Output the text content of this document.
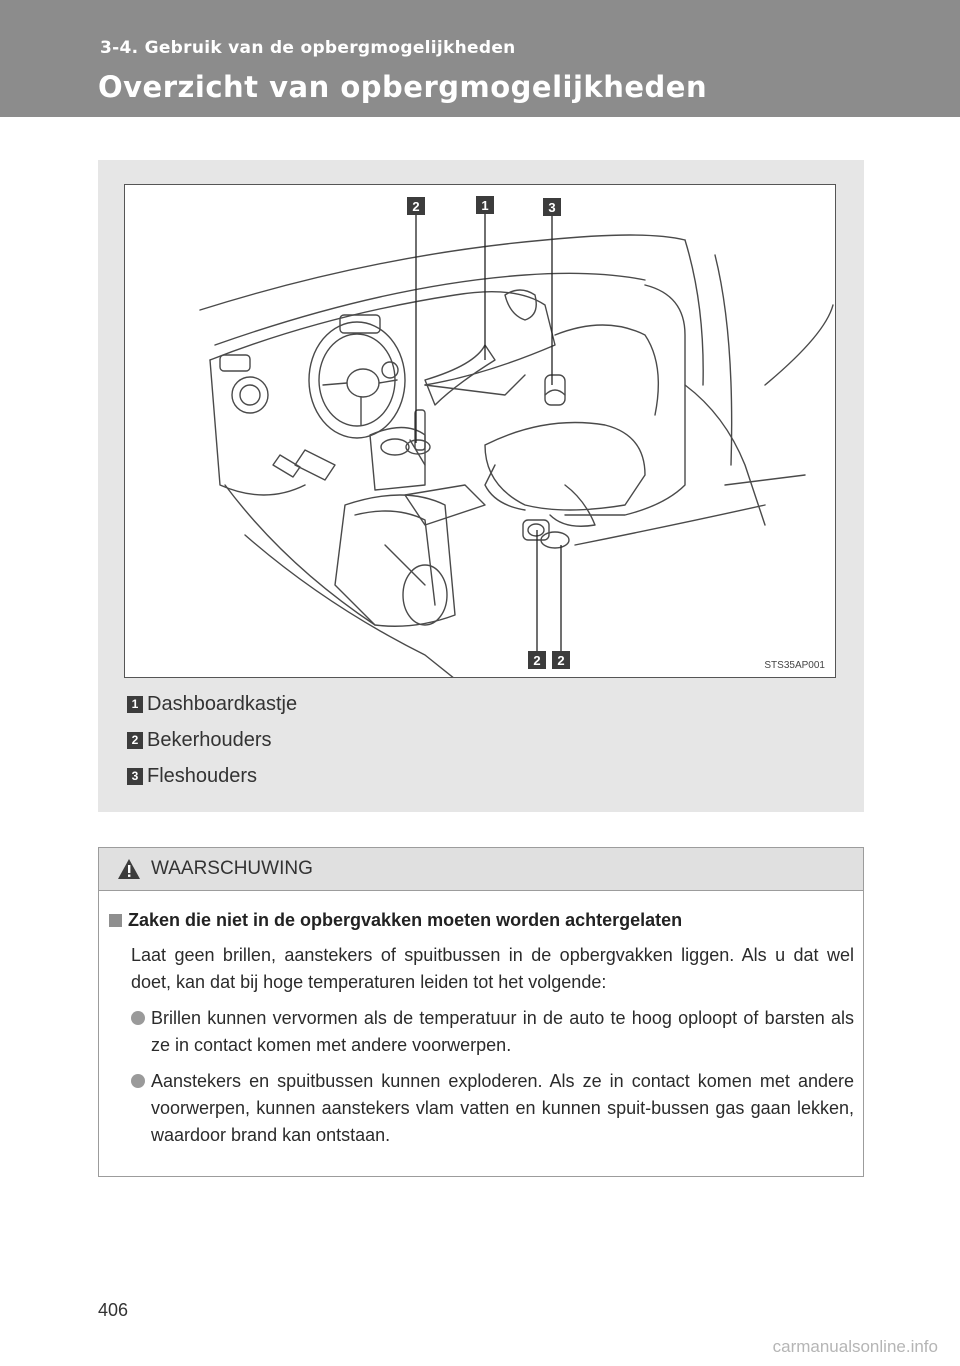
3-4. Gebruik van de opbergmogelijkheden
Overzicht van opbergmogelijkheden
2	1	3
2 2	STS35AP001
1 Dashboardkastje
2 Bekerhouders
3 Fleshouders
WAARSCHUWING
Zaken die niet in de opbergvakken moeten worden achtergelaten
Laat geen brillen, aanstekers of spuitbussen in de opbergvakken liggen. Als u dat wel doet, kan dat bij hoge temperaturen leiden tot het volgende:
Brillen kunnen vervormen als de temperatuur in de auto te hoog oploopt of barsten als ze in contact komen met andere voorwerpen.
Aanstekers en spuitbussen kunnen exploderen. Als ze in contact komen met andere voorwerpen, kunnen aanstekers vlam vatten en kunnen spuit-bussen gas gaan lekken, waardoor brand kan ontstaan.
406
carmanualsonline.info
